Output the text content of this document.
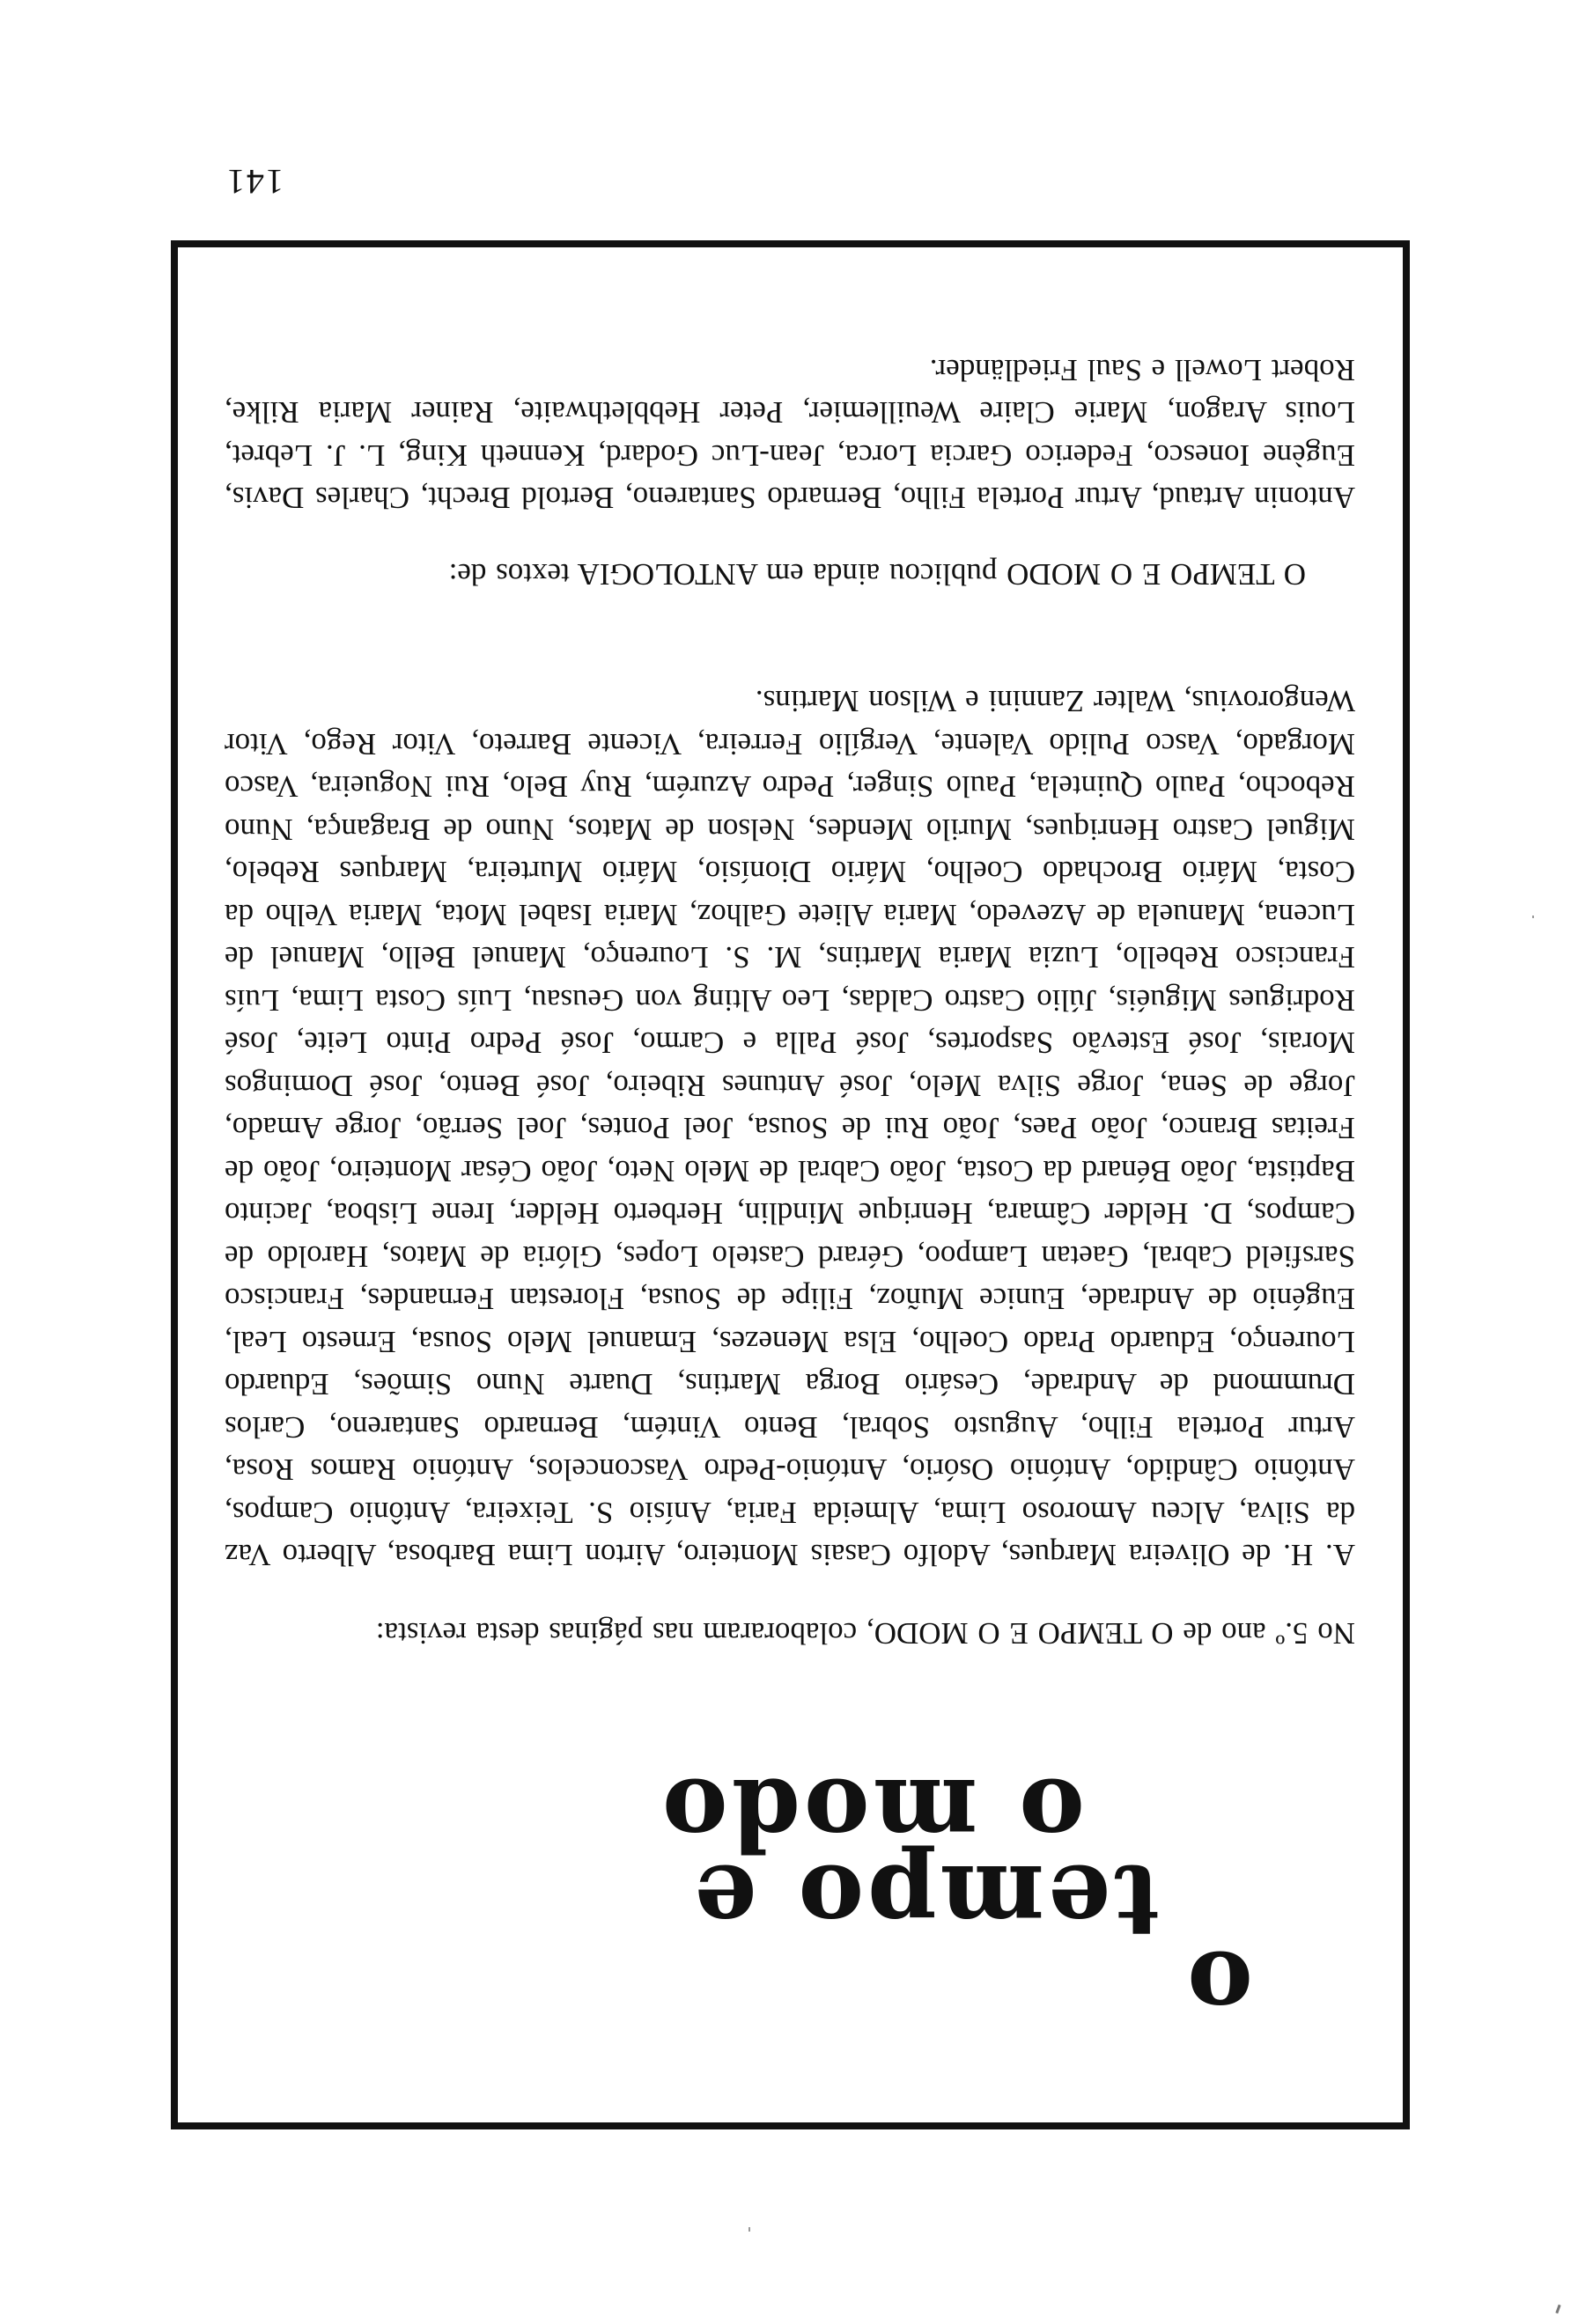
o
tempo e
o modo

No 5.º ano de O TEMPO E O MODO, colaboraram nas páginas desta revista:

A. H. de Oliveira Marques, Adolfo Casais Monteiro, Airton Lima Barbosa, Alberto Vaz da Silva, Alceu Amoroso Lima, Almeida Faria, Anísio S. Teixeira, Antônio Campos, Antônio Cândido, António Osório, António-Pedro Vasconcelos, António Ramos Rosa, Artur Portela Filho, Augusto Sobral, Bento Vintém, Bernardo Santareno, Carlos Drummond de Andrade, Cesário Borga Martins, Duarte Nuno Simões, Eduardo Lourenço, Eduardo Prado Coelho, Elsa Menezes, Emanuel Melo Sousa, Ernesto Leal, Eugénio de Andrade, Eunice Muñoz, Filipe de Sousa, Florestan Fernandes, Francisco Sarsfield Cabral, Gaetan Lampoo, Gérard Castelo Lopes, Glória de Matos, Haroldo de Campos, D. Helder Câmara, Henrique Mindlin, Herberto Helder, Irene Lisboa, Jacinto Baptista, João Bénard da Costa, João Cabral de Melo Neto, João César Monteiro, João de Freitas Branco, João Paes, João Rui de Sousa, Joel Pontes, Joel Serrão, Jorge Amado, Jorge de Sena, Jorge Silva Melo, José Antunes Ribeiro, José Bento, José Domingos Morais, José Estevão Sasportes, José Palla e Carmo, José Pedro Pinto Leite, José Rodrigues Miguéis, Júlio Castro Caldas, Leo Alting von Geusau, Luís Costa Lima, Luís Francisco Rebello, Luzia Maria Martins, M. S. Lourenço, Manuel Bello, Manuel de Lucena, Manuela de Azevedo, Maria Aliete Galhoz, Maria Isabel Mota, Maria Velho da Costa, Mário Brochado Coelho, Mário Dionísio, Mário Murteira, Marques Rebelo, Miguel Castro Henriques, Murilo Mendes, Nelson de Matos, Nuno de Bragança, Nuno Rebocho, Paulo Quintela, Paulo Singer, Pedro Azurém, Ruy Belo, Rui Nogueira, Vasco Morgado, Vasco Pulido Valente, Vergílio Ferreira, Vicente Barreto, Vitor Rego, Vitor Wengorovius, Walter Zannini e Wilson Martins.

O TEMPO E O MODO publicou ainda em ANTOLOGIA textos de:

Antonin Artaud, Artur Portela Filho, Bernardo Santareno, Bertold Brecht, Charles Davis, Eugène Ionesco, Federico Garcia Lorca, Jean-Luc Godard, Kenneth King, L. J. Lebret, Louis Aragon, Marie Claire Weuillemier, Peter Hebblethwaite, Rainer Maria Rilke, Robert Lowell e Saul Friedländer.

141
